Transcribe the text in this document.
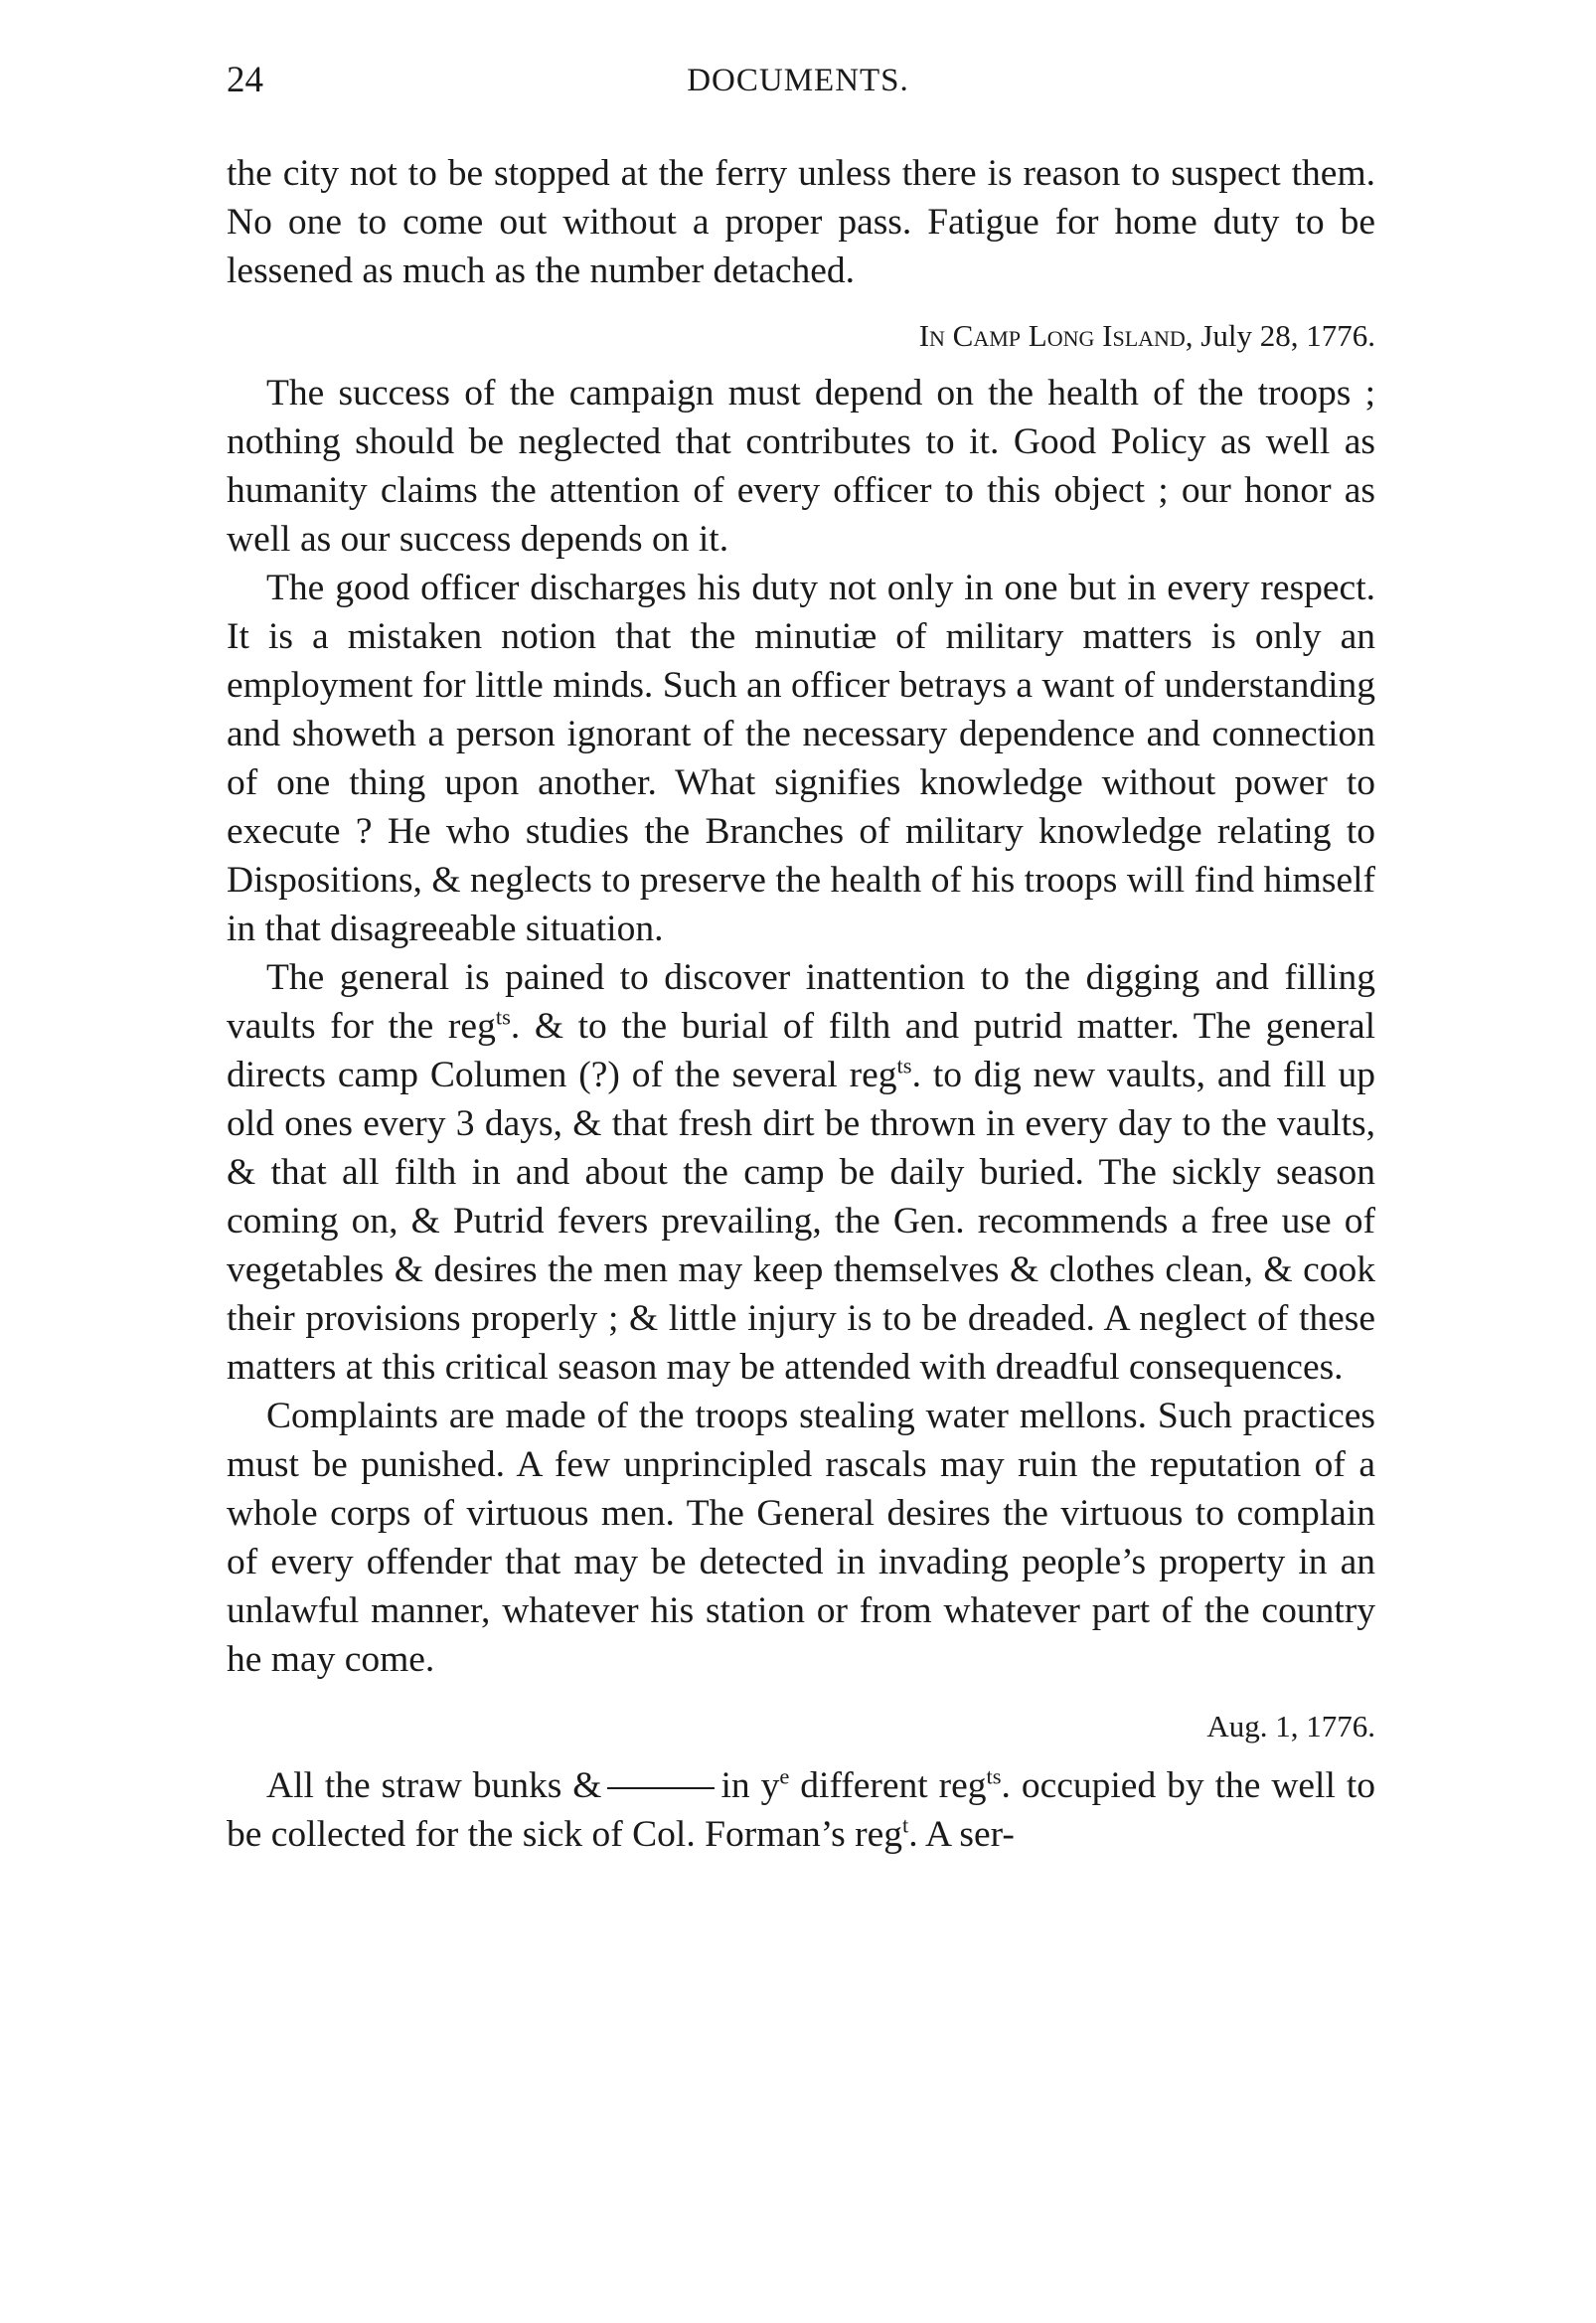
24	DOCUMENTS.

the city not to be stopped at the ferry unless there is reason to suspect them. No one to come out without a proper pass. Fatigue for home duty to be lessened as much as the number detached.

In Camp Long Island, July 28, 1776.

The success of the campaign must depend on the health of the troops ; nothing should be neglected that contributes to it. Good Policy as well as humanity claims the attention of every officer to this object ; our honor as well as our success depends on it.

The good officer discharges his duty not only in one but in every respect. It is a mistaken notion that the minutiæ of military matters is only an employment for little minds. Such an officer betrays a want of understanding and showeth a person ignorant of the necessary dependence and connection of one thing upon another. What signifies knowledge without power to execute ? He who studies the Branches of military knowledge relating to Dispositions, & neglects to preserve the health of his troops will find himself in that disagreeable situation.

The general is pained to discover inattention to the digging and filling vaults for the reg$^{ts}$. & to the burial of filth and putrid matter. The general directs camp Columen (?) of the several reg$^{ts}$. to dig new vaults, and fill up old ones every 3 days, & that fresh dirt be thrown in every day to the vaults, & that all filth in and about the camp be daily buried. The sickly season coming on, & Putrid fevers prevailing, the Gen. recommends a free use of vegetables & desires the men may keep themselves & clothes clean, & cook their provisions properly ; & little injury is to be dreaded. A neglect of these matters at this critical season may be attended with dreadful consequences.

Complaints are made of the troops stealing water mellons. Such practices must be punished. A few unprincipled rascals may ruin the reputation of a whole corps of virtuous men. The General desires the virtuous to complain of every offender that may be detected in invading people’s property in an unlawful manner, whatever his station or from whatever part of the country he may come.

Aug. 1, 1776.

All the straw bunks &	in $y^e$ different reg$^{ts}$. occupied by the well to be collected for the sick of Col. Forman’s reg$^t$. A ser-
